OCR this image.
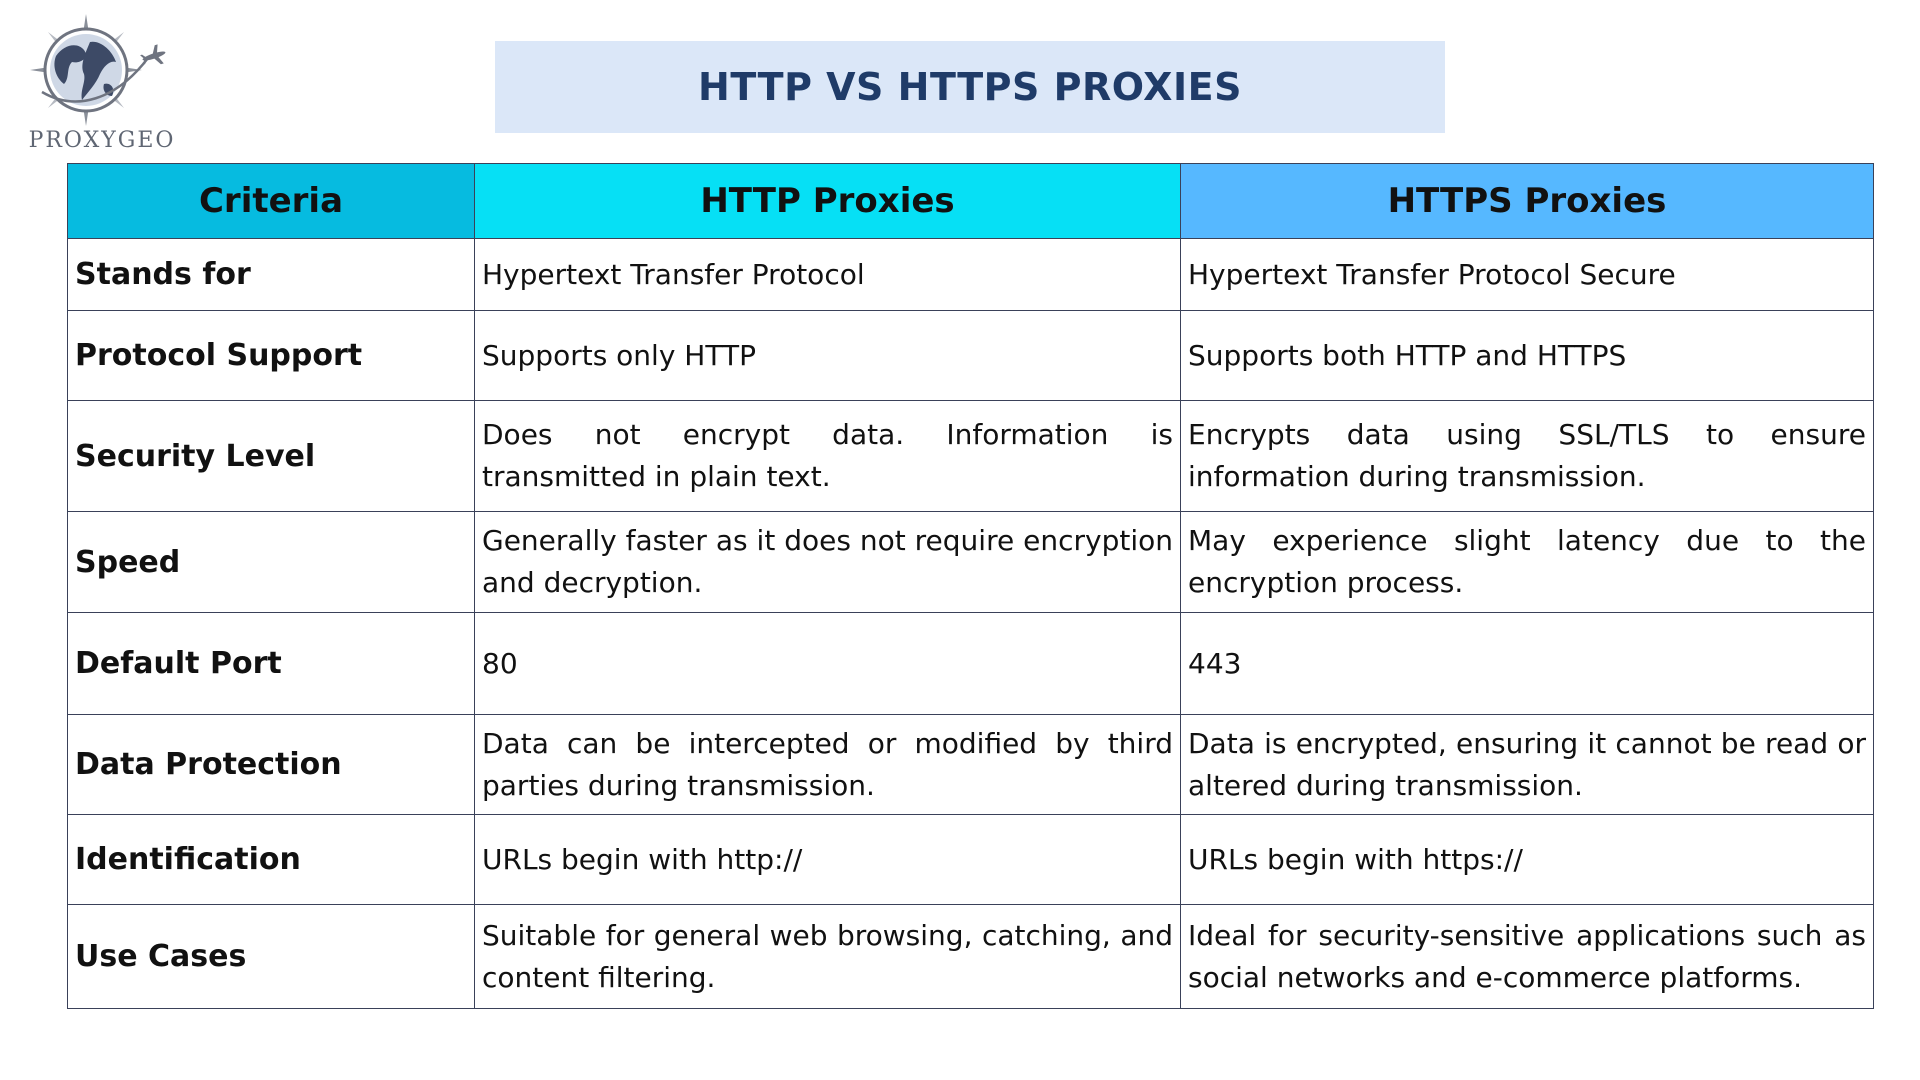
PROXYGEO
HTTP VS HTTPS PROXIES
Criteria	HTTP Proxies	HTTPS Proxies
Stands for	Hypertext Transfer Protocol	Hypertext Transfer Protocol Secure
Protocol Support	Supports only HTTP	Supports both HTTP and HTTPS
Security Level	Does not encrypt data. Information is transmitted in plain text.	Encrypts data using SSL/TLS to ensure information during transmission.
Speed	Generally faster as it does not require encryption and decryption.	May experience slight latency due to the encryption process.
Default Port	80	443
Data Protection	Data can be intercepted or modified by third parties during transmission.	Data is encrypted, ensuring it cannot be read or altered during transmission.
Identification	URLs begin with http://	URLs begin with https://
Use Cases	Suitable for general web browsing, catching, and content filtering.	Ideal for security-sensitive applications such as social networks and e-commerce platforms.
